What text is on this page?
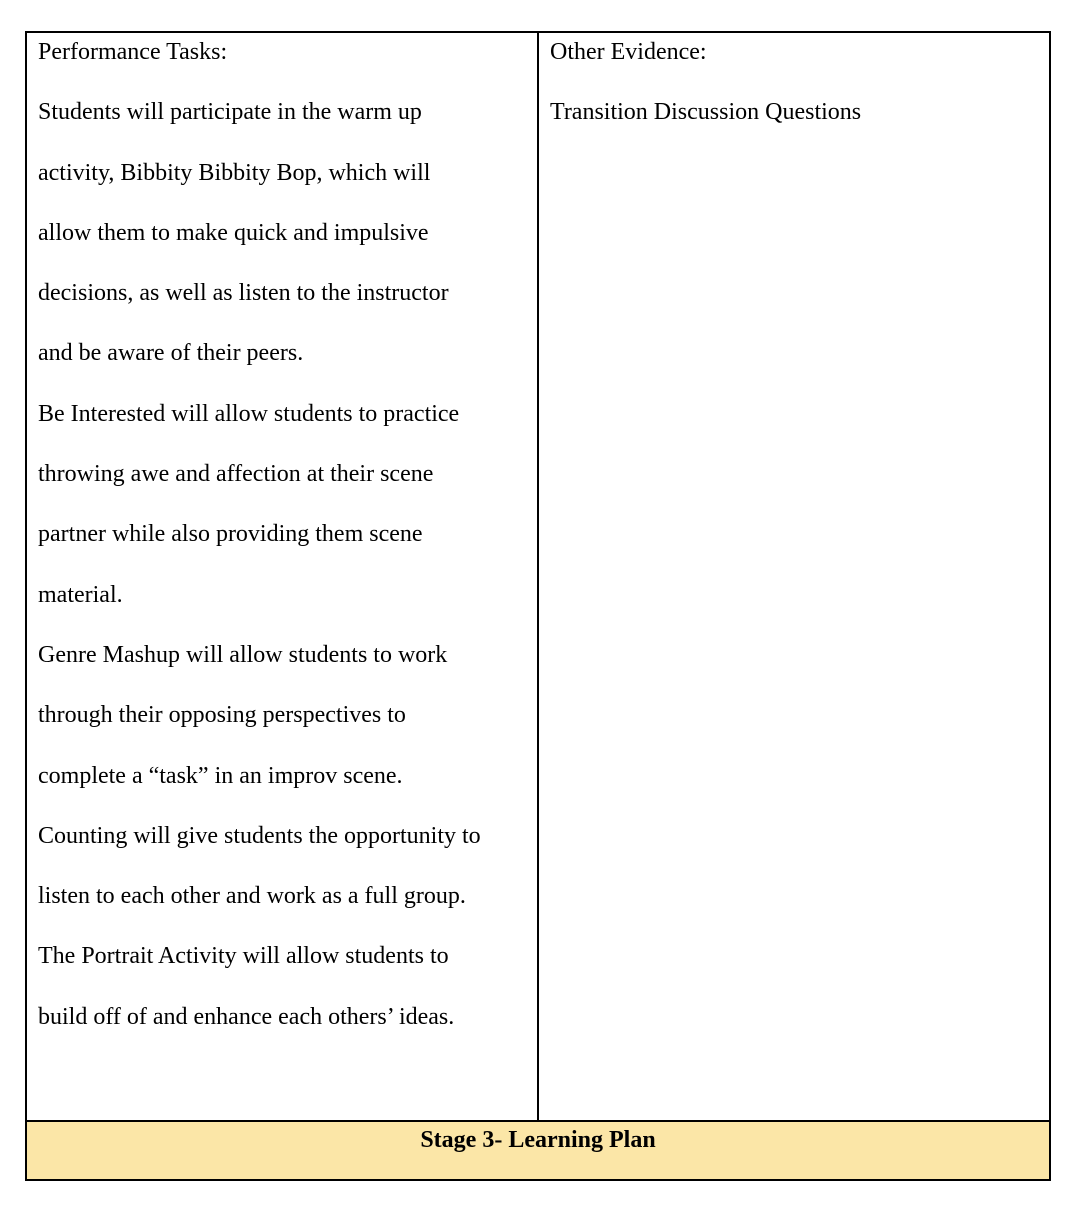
Performance Tasks:

Students will participate in the warm up
activity, Bibbity Bibbity Bop, which will
allow them to make quick and impulsive
decisions, as well as listen to the instructor
and be aware of their peers.
Be Interested will allow students to practice
throwing awe and affection at their scene
partner while also providing them scene
material.
Genre Mashup will allow students to work
through their opposing perspectives to
complete a “task” in an improv scene.
Counting will give students the opportunity to
listen to each other and work as a full group.
The Portrait Activity will allow students to
build off of and enhance each others’ ideas.

Other Evidence:

Transition Discussion Questions
Stage 3- Learning Plan
